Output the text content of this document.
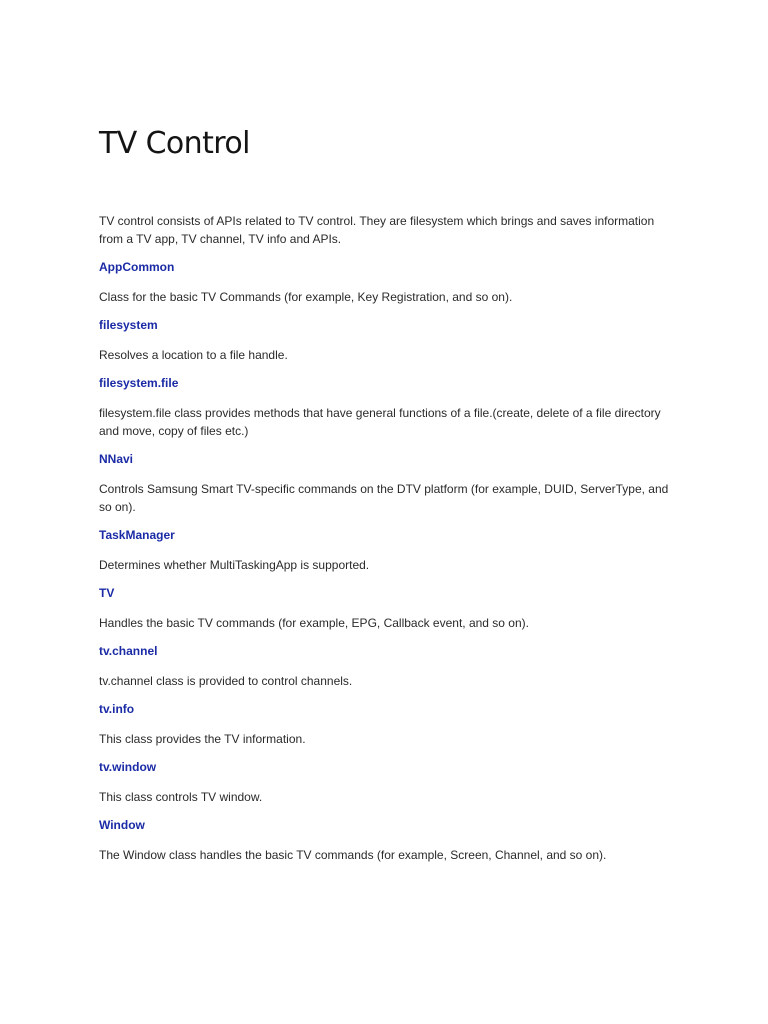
TV Control

TV control consists of APIs related to TV control. They are filesystem which brings and saves information from a TV app, TV channel, TV info and APIs.

AppCommon

Class for the basic TV Commands (for example, Key Registration, and so on).

filesystem

Resolves a location to a file handle.

filesystem.file

filesystem.file class provides methods that have general functions of a file.(create, delete of a file directory and move, copy of files etc.)

NNavi

Controls Samsung Smart TV-specific commands on the DTV platform (for example, DUID, ServerType, and so on).

TaskManager

Determines whether MultiTaskingApp is supported.

TV

Handles the basic TV commands (for example, EPG, Callback event, and so on).

tv.channel

tv.channel class is provided to control channels.

tv.info

This class provides the TV information.

tv.window

This class controls TV window.

Window

The Window class handles the basic TV commands (for example, Screen, Channel, and so on).
